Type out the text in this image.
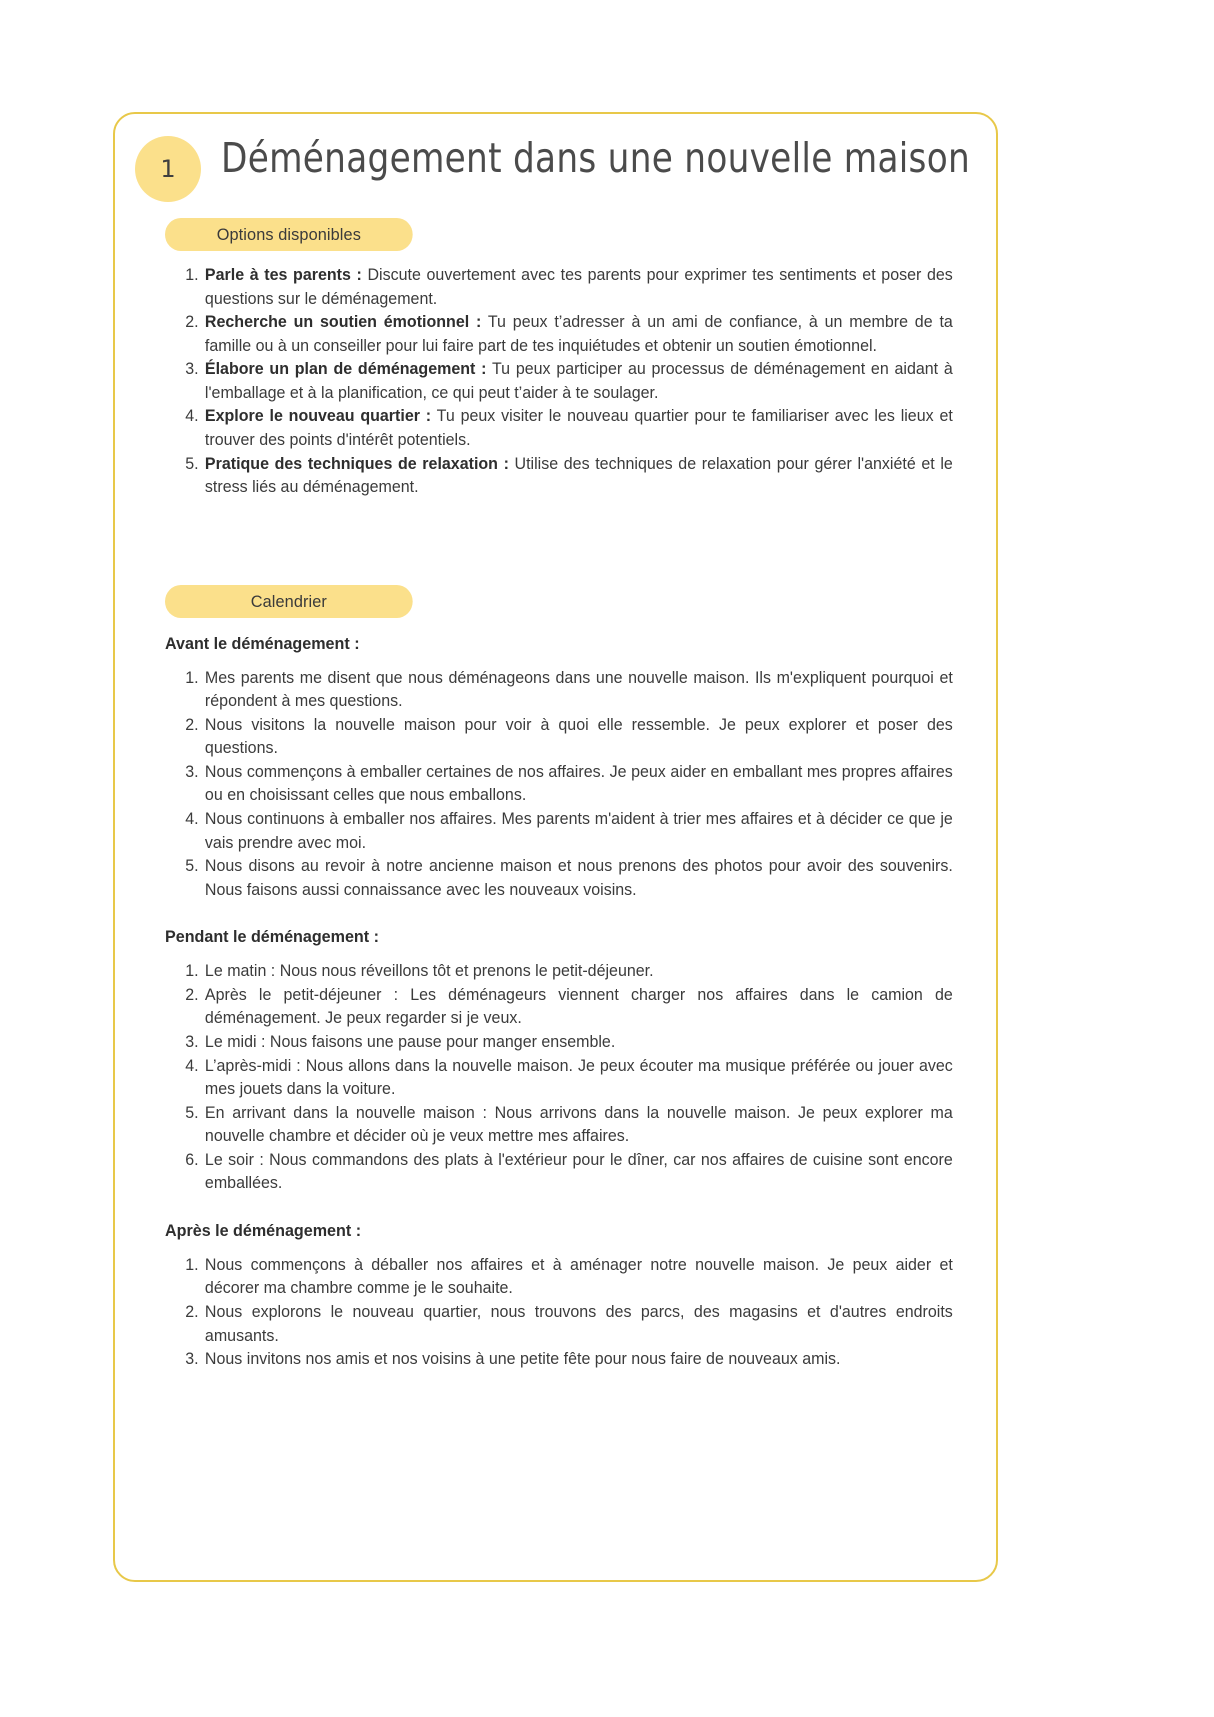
1 Déménagement dans une nouvelle maison
Options disponibles
1. Parle à tes parents : Discute ouvertement avec tes parents pour exprimer tes sentiments et poser des questions sur le déménagement.
2. Recherche un soutien émotionnel : Tu peux t’adresser à un ami de confiance, à un membre de ta famille ou à un conseiller pour lui faire part de tes inquiétudes et obtenir un soutien émotionnel.
3. Élabore un plan de déménagement : Tu peux participer au processus de déménagement en aidant à l'emballage et à la planification, ce qui peut t’aider à te soulager.
4. Explore le nouveau quartier : Tu peux visiter le nouveau quartier pour te familiariser avec les lieux et trouver des points d'intérêt potentiels.
5. Pratique des techniques de relaxation : Utilise des techniques de relaxation pour gérer l'anxiété et le stress liés au déménagement.
Calendrier
Avant le déménagement :
1. Mes parents me disent que nous déménageons dans une nouvelle maison. Ils m'expliquent pourquoi et répondent à mes questions.
2. Nous visitons la nouvelle maison pour voir à quoi elle ressemble. Je peux explorer et poser des questions.
3. Nous commençons à emballer certaines de nos affaires. Je peux aider en emballant mes propres affaires ou en choisissant celles que nous emballons.
4. Nous continuons à emballer nos affaires. Mes parents m'aident à trier mes affaires et à décider ce que je vais prendre avec moi.
5. Nous disons au revoir à notre ancienne maison et nous prenons des photos pour avoir des souvenirs. Nous faisons aussi connaissance avec les nouveaux voisins.
Pendant le déménagement :
1. Le matin : Nous nous réveillons tôt et prenons le petit-déjeuner.
2. Après le petit-déjeuner : Les déménageurs viennent charger nos affaires dans le camion de déménagement. Je peux regarder si je veux.
3. Le midi : Nous faisons une pause pour manger ensemble.
4. L’après-midi : Nous allons dans la nouvelle maison. Je peux écouter ma musique préférée ou jouer avec mes jouets dans la voiture.
5. En arrivant dans la nouvelle maison : Nous arrivons dans la nouvelle maison. Je peux explorer ma nouvelle chambre et décider où je veux mettre mes affaires.
6. Le soir : Nous commandons des plats à l'extérieur pour le dîner, car nos affaires de cuisine sont encore emballées.
Après le déménagement :
1. Nous commençons à déballer nos affaires et à aménager notre nouvelle maison. Je peux aider et décorer ma chambre comme je le souhaite.
2. Nous explorons le nouveau quartier, nous trouvons des parcs, des magasins et d'autres endroits amusants.
3. Nous invitons nos amis et nos voisins à une petite fête pour nous faire de nouveaux amis.
